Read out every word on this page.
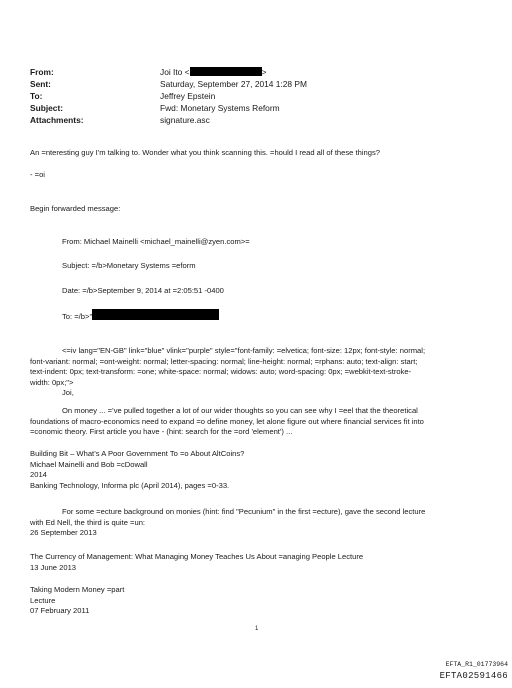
From:	Joi Ito <	>
Sent:	Saturday, September 27, 2014 1:28 PM
To:	Jeffrey Epstein
Subject:	Fwd: Monetary Systems Reform
Attachments:	signature.asc
An =nteresting guy I'm talking to. Wonder what you think scanning this. =hould I read all of these things?
- =oi
Begin forwarded message:
From: Michael Mainelli <michael_mainelli@zyen.com>=
Subject: =/b>Monetary Systems =eform
Date: =/b>September 9, 2014 at =2:05:51 -0400
To: =/b>"
<=iv lang="EN-GB" link="blue" vlink="purple" style="font-family: =elvetica; font-size: 12px; font-style: normal;
font-variant: normal; =ont-weight: normal; letter-spacing: normal; line-height: normal; =rphans: auto; text-align: start;
text-indent: 0px; text-transform: =one; white-space: normal; widows: auto; word-spacing: 0px; =webkit-text-stroke-
width: 0px;">
Joi,
On money ... =’ve pulled together a lot of our wider thoughts so you can see why I =eel that the theoretical
foundations of macro-economics need to expand =o define money, let alone figure out where financial services fit into
=conomic theory. First article you have - (hint: search for the =ord 'element') ...
Building Bit – What’s A Poor Government To =o About AltCoins?
Michael Mainelli and Bob =cDowall
2014
Banking Technology, Informa plc (April 2014), pages =0-33.
For some =ecture background on monies (hint: find "Pecunium" in the first =ecture), gave the second lecture
with Ed Nell, the third is quite =un:
26 September 2013
The Currency of Management: What Managing Money Teaches Us About =anaging People Lecture
13 June 2013
Taking Modern Money =part
Lecture
07 February 2011
1
EFTA_R1_01773964
EFTA02591466
